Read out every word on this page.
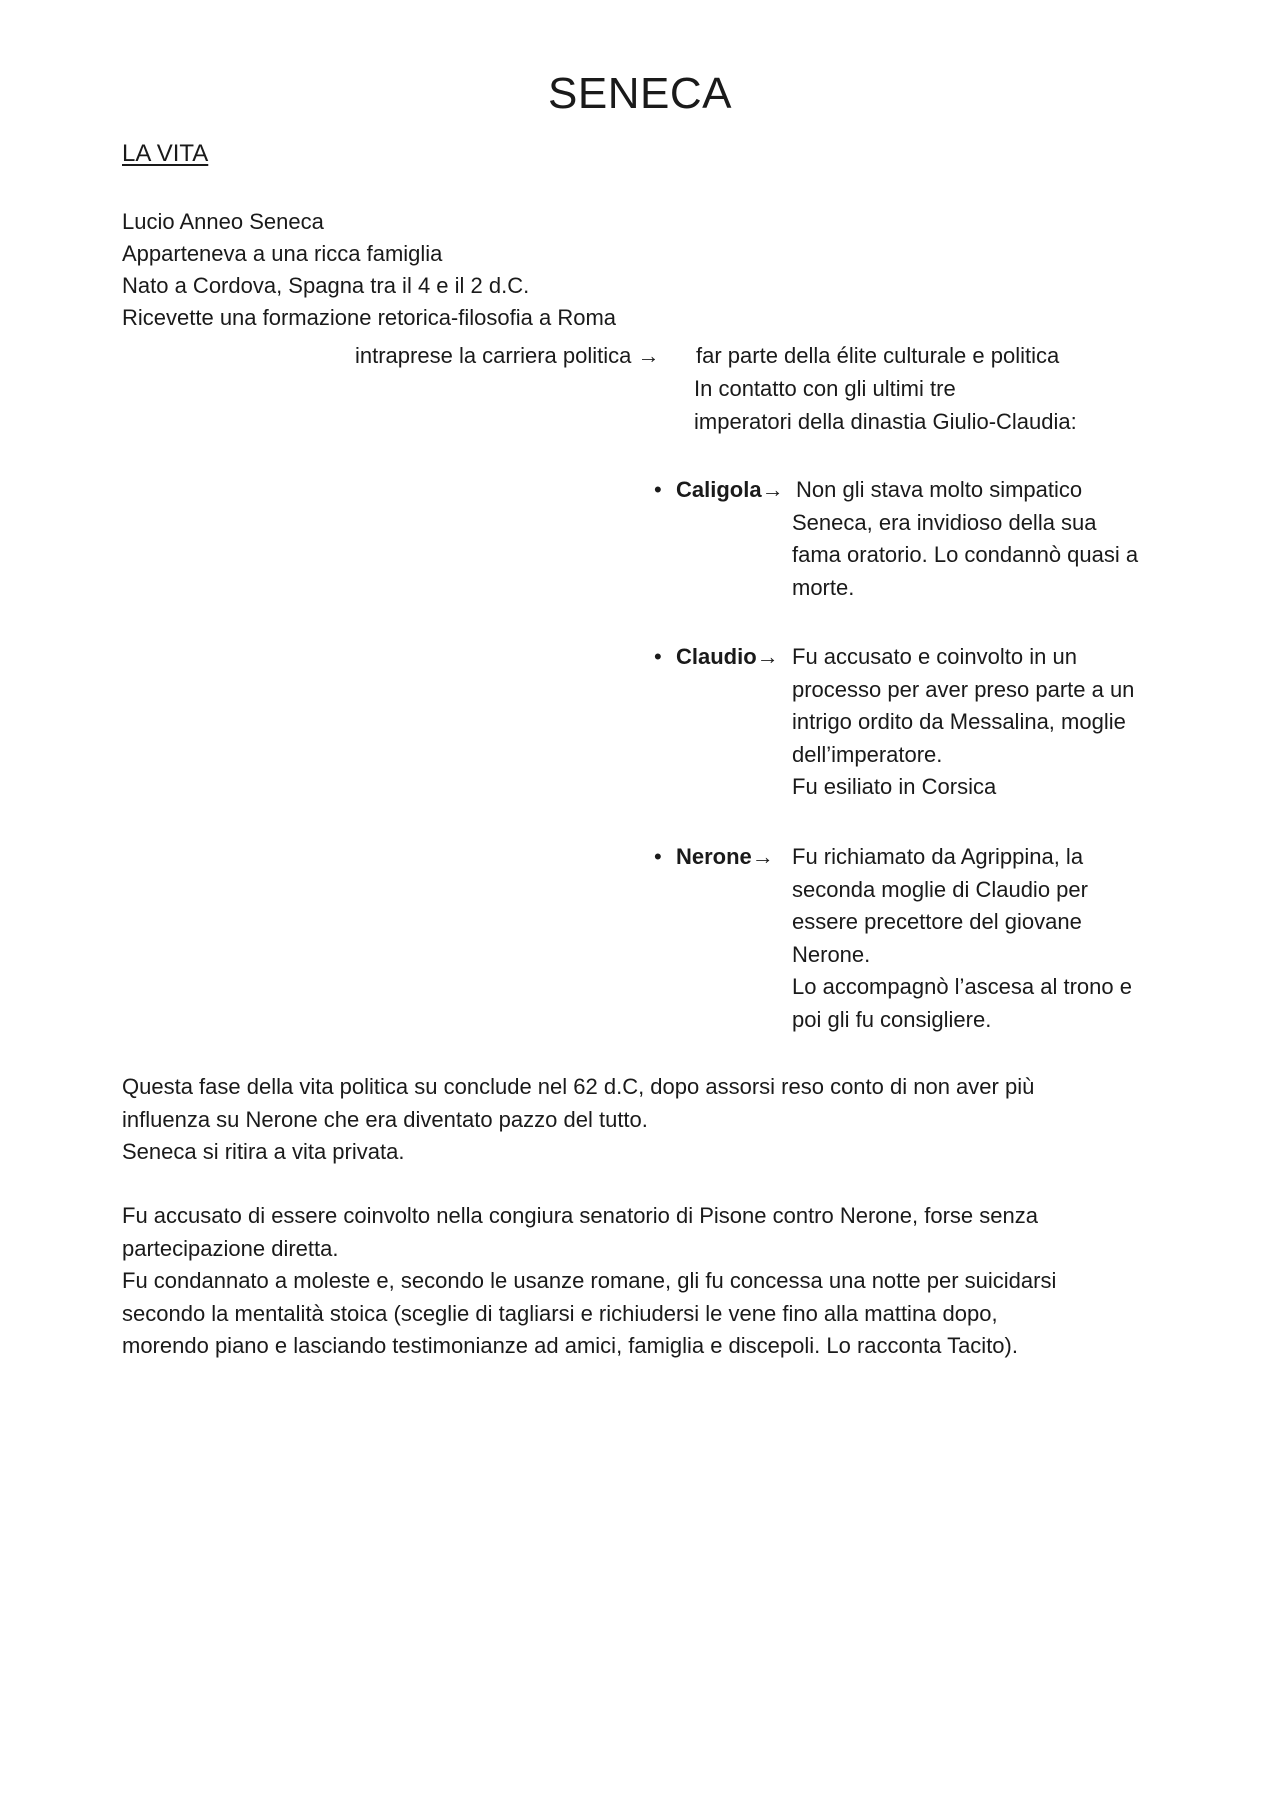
SENECA
LA VITA
Lucio Anneo Seneca
Apparteneva a una ricca famiglia
Nato a Cordova, Spagna tra il 4 e il 2 d.C.
Ricevette una formazione retorica-filosofia a Roma
intraprese la carriera politica → far parte della élite culturale e politica
In contatto con gli ultimi tre
imperatori della dinastia Giulio-Claudia:
• Caligola→ Non gli stava molto simpatico
Seneca, era invidioso della sua
fama oratorio. Lo condannò quasi a
morte.
• Claudio→ Fu accusato e coinvolto in un
processo per aver preso parte a un
intrigo ordito da Messalina, moglie
dell’imperatore.
Fu esiliato in Corsica
• Nerone→ Fu richiamato da Agrippina, la
seconda moglie di Claudio per
essere precettore del giovane
Nerone.
Lo accompagnò l’ascesa al trono e
poi gli fu consigliere.
Questa fase della vita politica su conclude nel 62 d.C, dopo assorsi reso conto di non aver più
influenza su Nerone che era diventato pazzo del tutto.
Seneca si ritira a vita privata.
Fu accusato di essere coinvolto nella congiura senatorio di Pisone contro Nerone, forse senza
partecipazione diretta.
Fu condannato a moleste e, secondo le usanze romane, gli fu concessa una notte per suicidarsi
secondo la mentalità stoica (sceglie di tagliarsi e richiudersi le vene fino alla mattina dopo,
morendo piano e lasciando testimonianze ad amici, famiglia e discepoli. Lo racconta Tacito).
